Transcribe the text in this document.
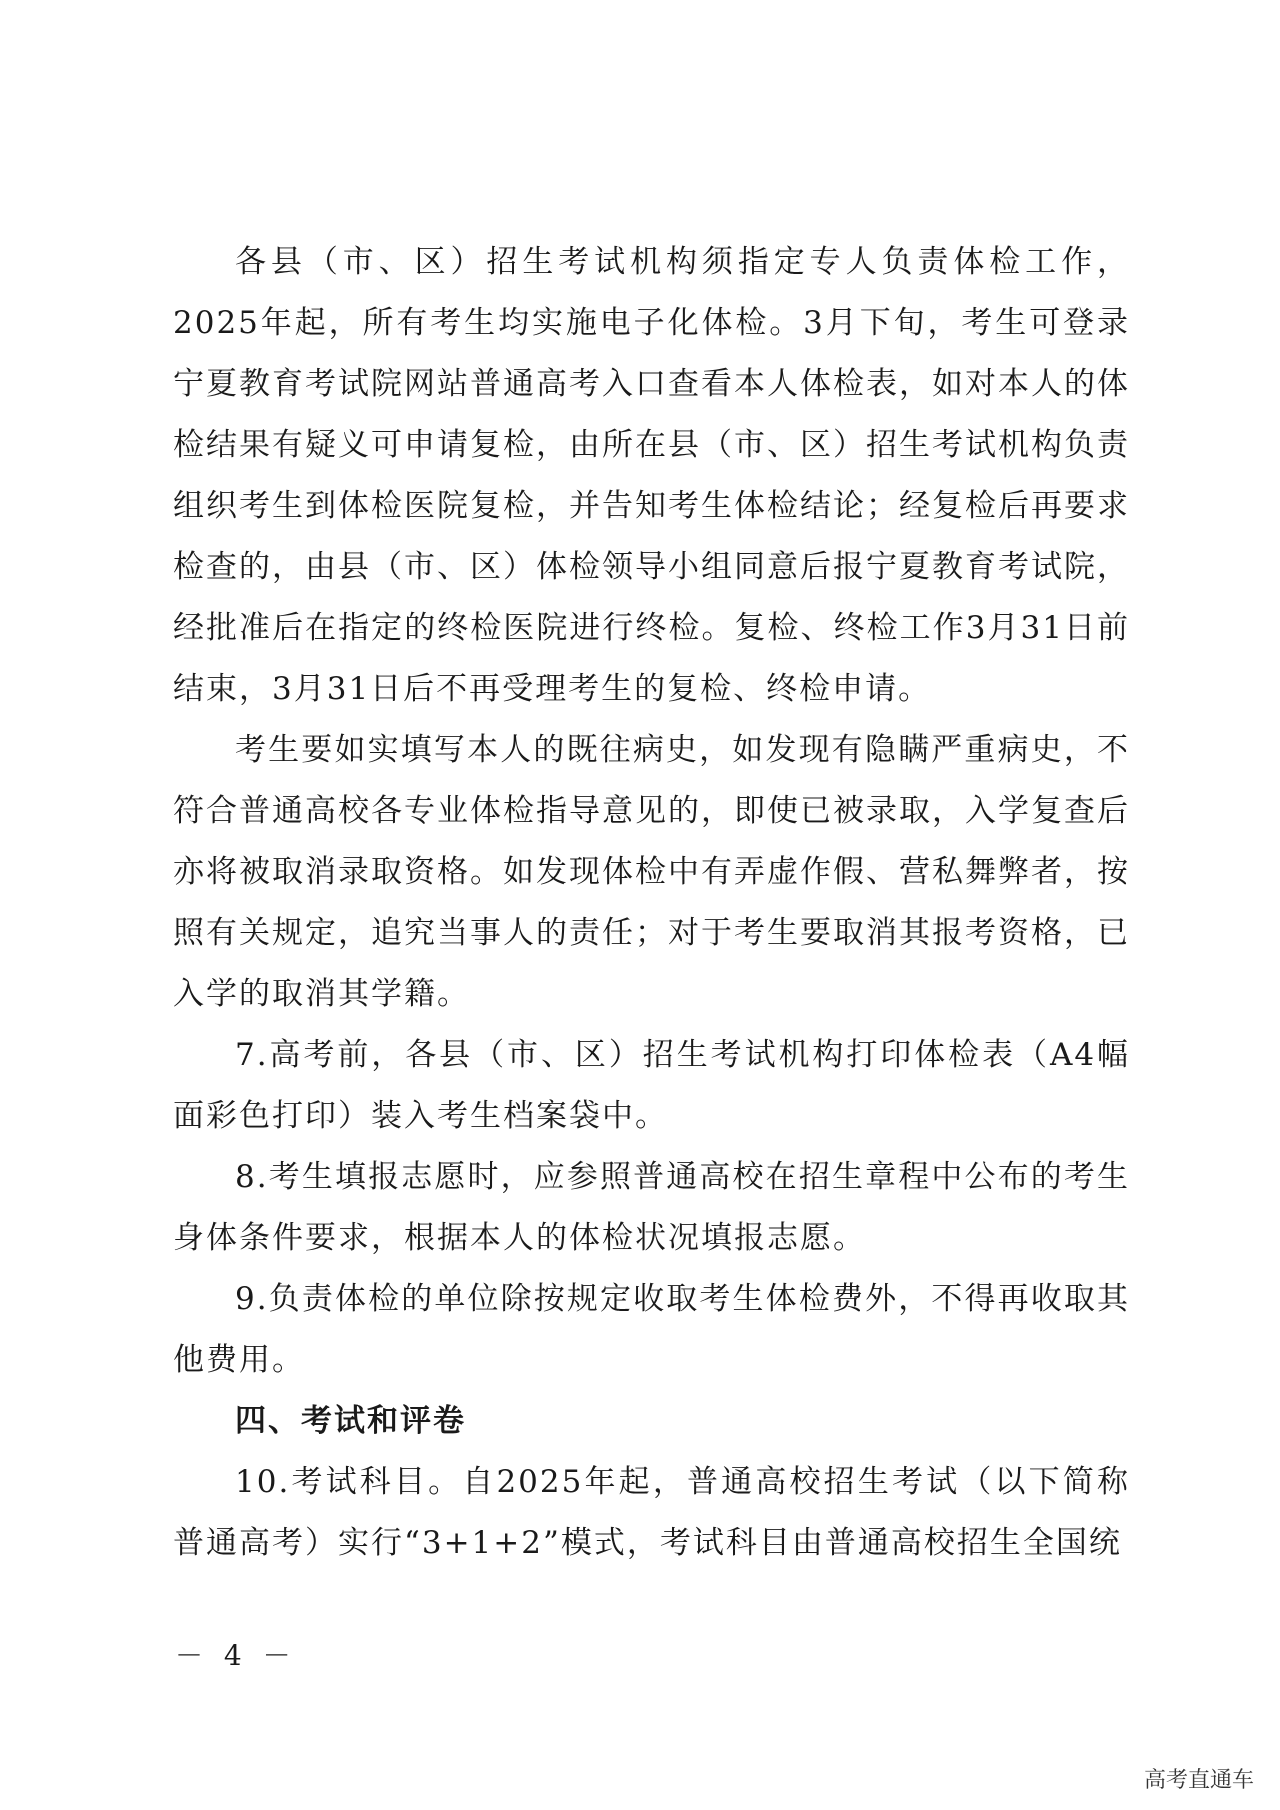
各县（市、区）招生考试机构须指定专人负责体检工作，2025年起，所有考生均实施电子化体检。3月下旬，考生可登录宁夏教育考试院网站普通高考入口查看本人体检表，如对本人的体检结果有疑义可申请复检，由所在县（市、区）招生考试机构负责组织考生到体检医院复检，并告知考生体检结论；经复检后再要求检查的，由县（市、区）体检领导小组同意后报宁夏教育考试院，经批准后在指定的终检医院进行终检。复检、终检工作3月31日前结束，3月31日后不再受理考生的复检、终检申请。

考生要如实填写本人的既往病史，如发现有隐瞒严重病史，不符合普通高校各专业体检指导意见的，即使已被录取，入学复查后亦将被取消录取资格。如发现体检中有弄虚作假、营私舞弊者，按照有关规定，追究当事人的责任；对于考生要取消其报考资格，已入学的取消其学籍。

7.高考前，各县（市、区）招生考试机构打印体检表（A4幅面彩色打印）装入考生档案袋中。

8.考生填报志愿时，应参照普通高校在招生章程中公布的考生身体条件要求，根据本人的体检状况填报志愿。

9.负责体检的单位除按规定收取考生体检费外，不得再收取其他费用。

四、考试和评卷

10.考试科目。自2025年起，普通高校招生考试（以下简称普通高考）实行“3+1+2”模式，考试科目由普通高校招生全国统

－ 4 －
高考直通车
